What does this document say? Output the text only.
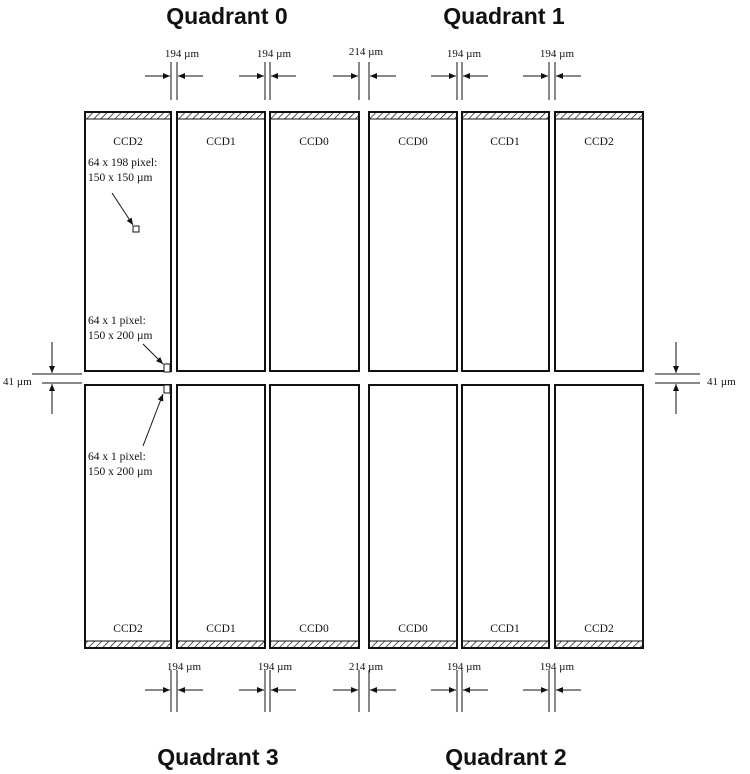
Quadrant 0	Quadrant 1
Quadrant 3	Quadrant 2
CCD2	CCD1	CCD0	CCD0	CCD1	CCD2
CCD2	CCD1	CCD0	CCD0	CCD1	CCD2
194 µm	194 µm	214 µm	194 µm	194 µm
194 µm	194 µm	214 µm	194 µm	194 µm
41 µm	41 µm
64 x 198 pixel:
150 x 150 µm
64 x 1 pixel:
150 x 200 µm
64 x 1 pixel:
150 x 200 µm
